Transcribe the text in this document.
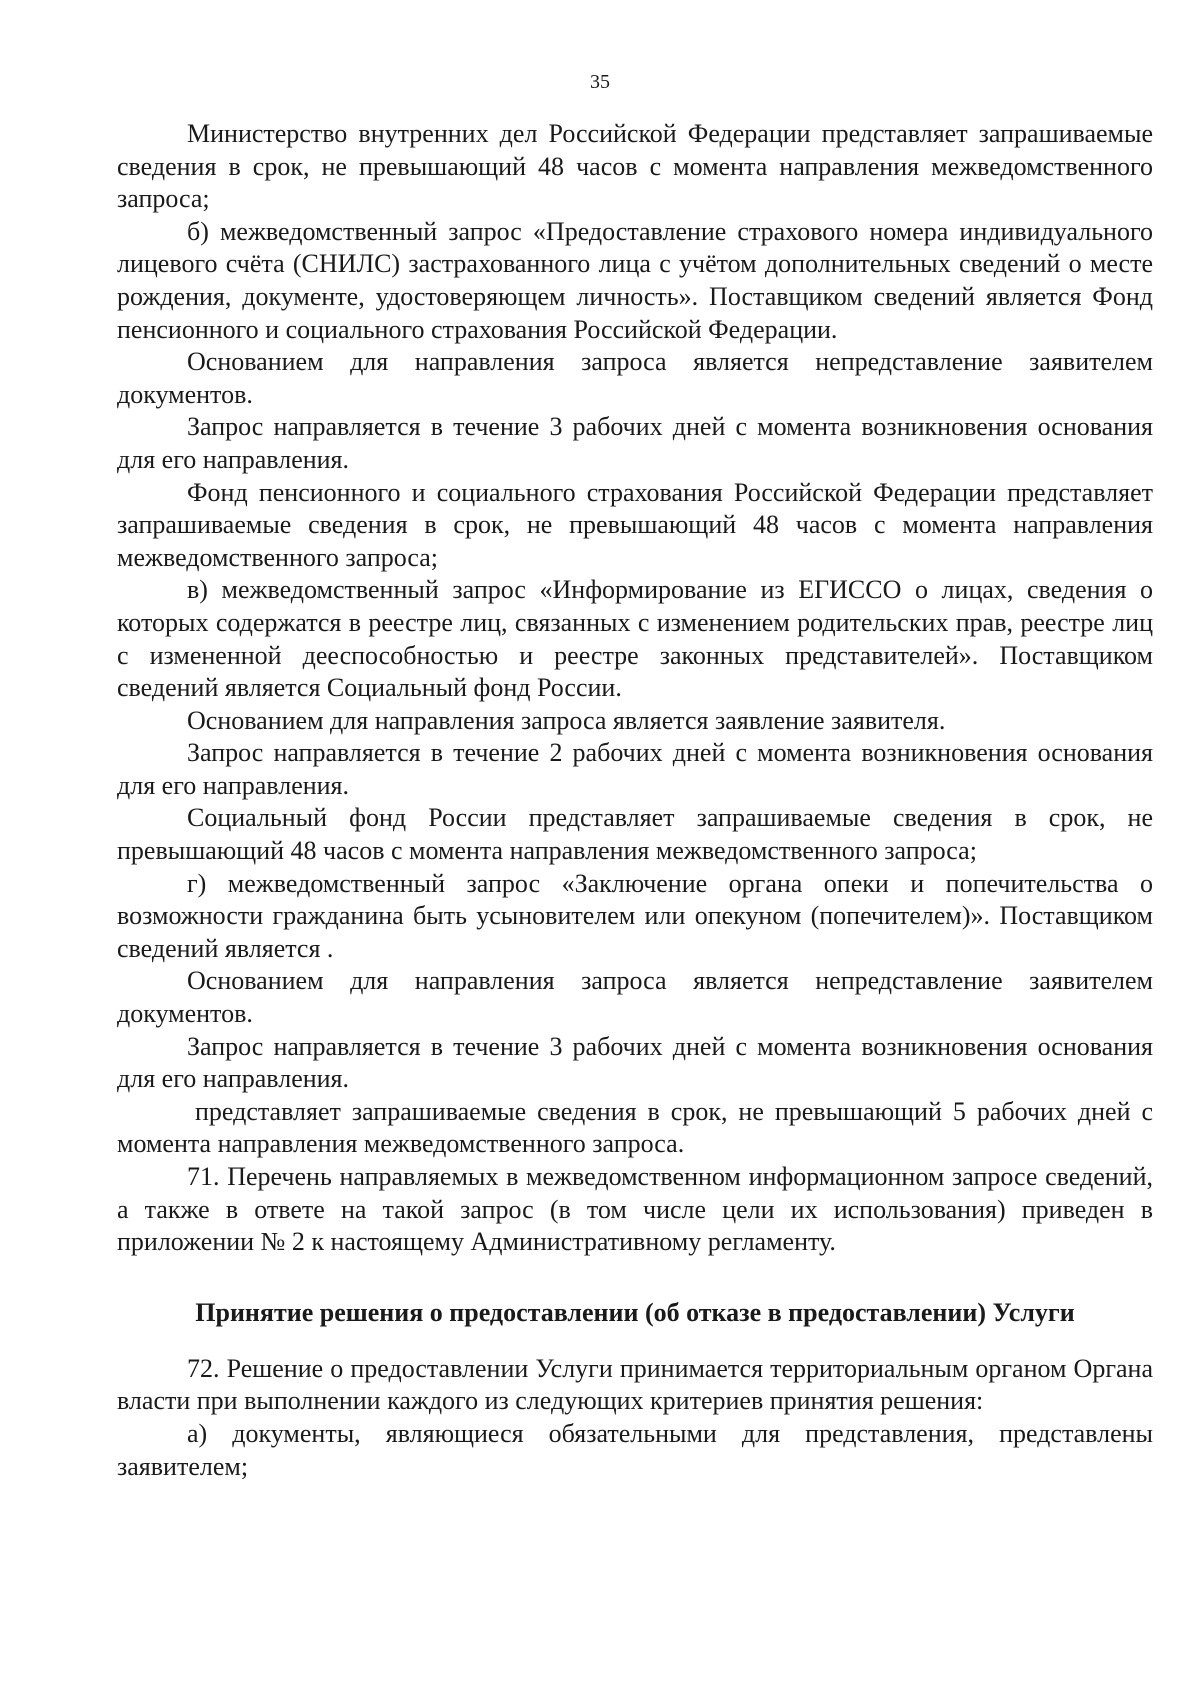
35

Министерство внутренних дел Российской Федерации представляет запрашиваемые сведения в срок, не превышающий 48 часов с момента направления межведомственного запроса;

б) межведомственный запрос «Предоставление страхового номера индивидуального лицевого счёта (СНИЛС) застрахованного лица с учётом дополнительных сведений о месте рождения, документе, удостоверяющем личность». Поставщиком сведений является Фонд пенсионного и социального страхования Российской Федерации.

Основанием для направления запроса является непредставление заявителем документов.

Запрос направляется в течение 3 рабочих дней с момента возникновения основания для его направления.

Фонд пенсионного и социального страхования Российской Федерации представляет запрашиваемые сведения в срок, не превышающий 48 часов с момента направления межведомственного запроса;

в) межведомственный запрос «Информирование из ЕГИССО о лицах, сведения о которых содержатся в реестре лиц, связанных с изменением родительских прав, реестре лиц с измененной дееспособностью и реестре законных представителей». Поставщиком сведений является Социальный фонд России.

Основанием для направления запроса является заявление заявителя.

Запрос направляется в течение 2 рабочих дней с момента возникновения основания для его направления.

Социальный фонд России представляет запрашиваемые сведения в срок, не превышающий 48 часов с момента направления межведомственного запроса;

г) межведомственный запрос «Заключение органа опеки и попечительства о возможности гражданина быть усыновителем или опекуном (попечителем)». Поставщиком сведений является .

Основанием для направления запроса является непредставление заявителем документов.

Запрос направляется в течение 3 рабочих дней с момента возникновения основания для его направления.

представляет запрашиваемые сведения в срок, не превышающий 5 рабочих дней с момента направления межведомственного запроса.

71. Перечень направляемых в межведомственном информационном запросе сведений, а также в ответе на такой запрос (в том числе цели их использования) приведен в приложении № 2 к настоящему Административному регламенту.

Принятие решения о предоставлении (об отказе в предоставлении) Услуги

72. Решение о предоставлении Услуги принимается территориальным органом Органа власти при выполнении каждого из следующих критериев принятия решения:

а) документы, являющиеся обязательными для представления, представлены заявителем;
